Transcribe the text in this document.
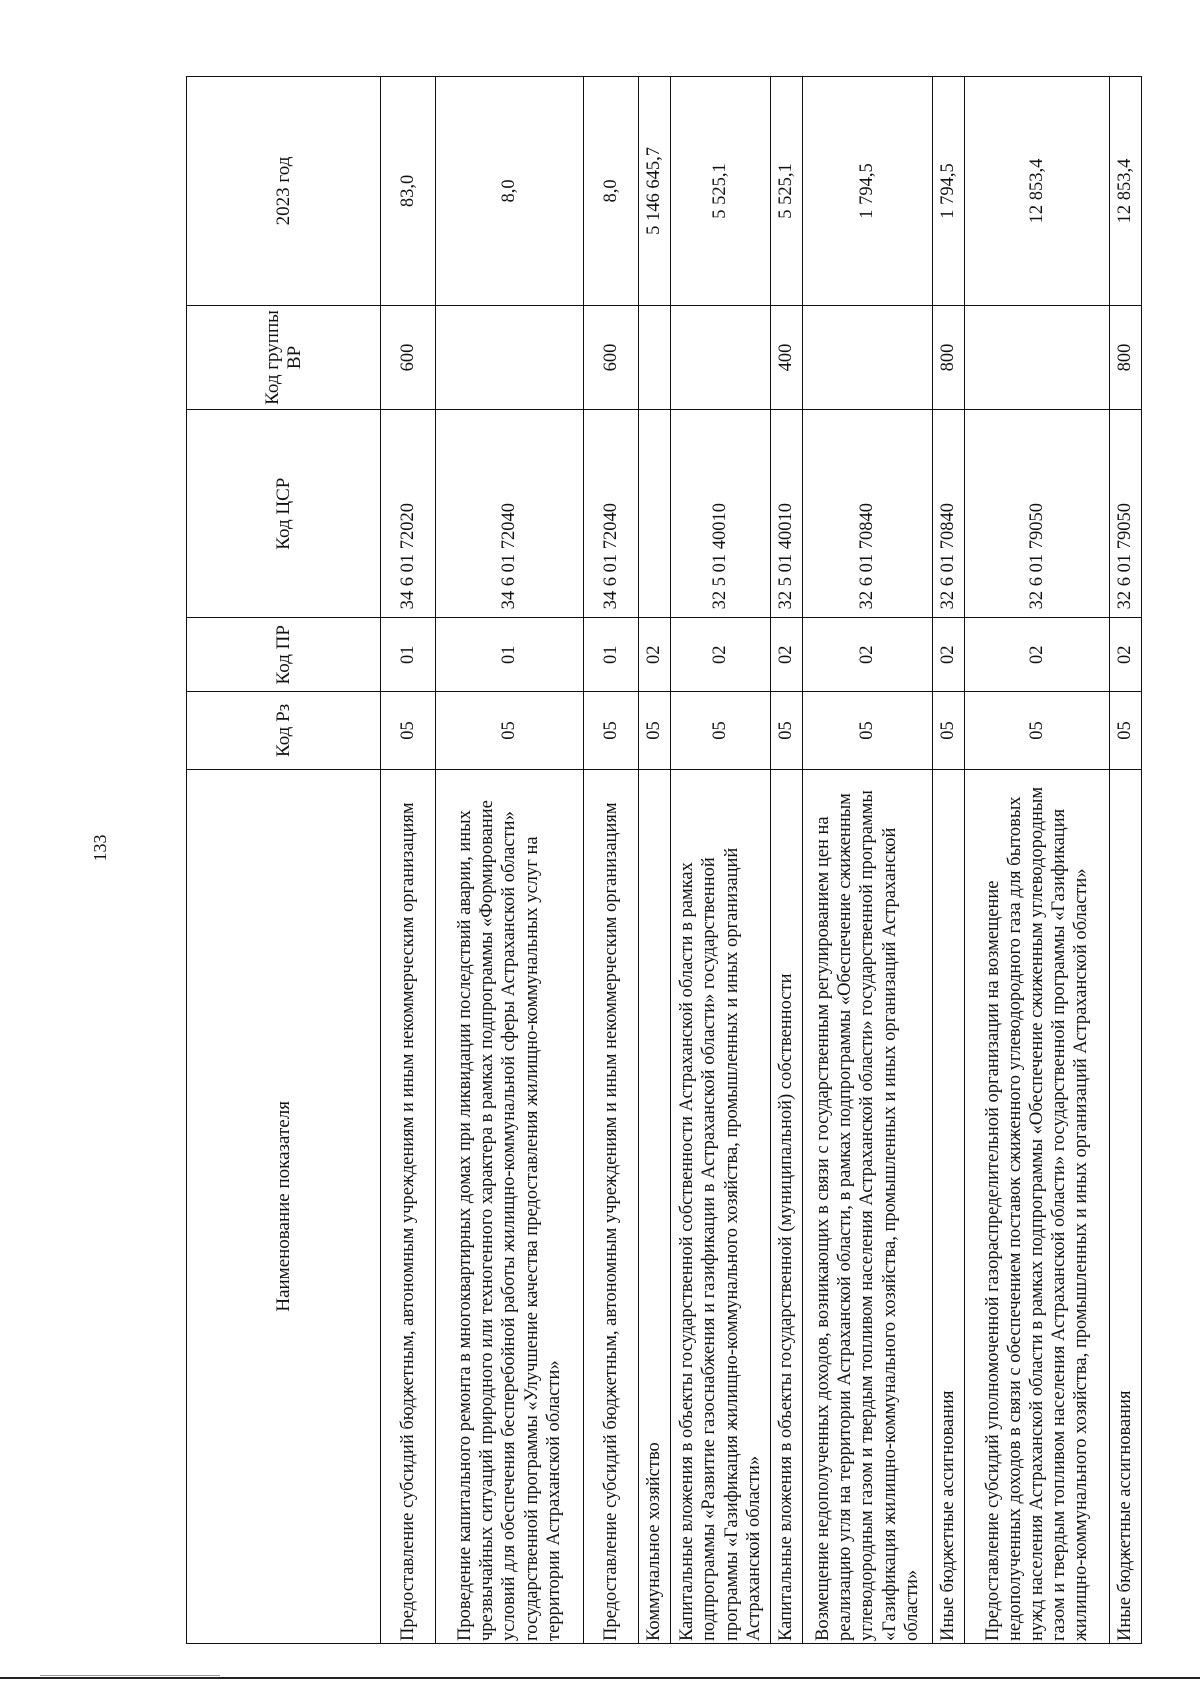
133
Наименование показателя	Код Рз	Код ПР	Код ЦСР	Код группы ВР	2023 год
Предоставление субсидий бюджетным, автономным учреждениям и иным некоммерческим организациям	05	01	34 6 01 72020	600	83,0
Проведение капитального ремонта в многоквартирных домах при ликвидации последствий аварии, иных чрезвычайных ситуаций природного или техногенного характера в рамках подпрограммы «Формирование условий для обеспечения бесперебойной работы жилищно-коммунальной сферы Астраханской области» государственной программы «Улучшение качества предоставления жилищно-коммунальных услуг на территории Астраханской области»	05	01	34 6 01 72040		8,0
Предоставление субсидий бюджетным, автономным учреждениям и иным некоммерческим организациям	05	01	34 6 01 72040	600	8,0
Коммунальное хозяйство	05	02			5 146 645,7
Капитальные вложения в объекты государственной собственности Астраханской области в рамках подпрограммы «Развитие газоснабжения и газификации в Астраханской области» государственной программы «Газификация жилищно-коммунального хозяйства, промышленных и иных организаций Астраханской области»	05	02	32 5 01 40010		5 525,1
Капитальные вложения в объекты государственной (муниципальной) собственности	05	02	32 5 01 40010	400	5 525,1
Возмещение недополученных доходов, возникающих в связи с государственным регулированием цен на реализацию угля на территории Астраханской области, в рамках подпрограммы «Обеспечение сжиженным углеводородным газом и твердым топливом населения Астраханской области» государственной программы «Газификация жилищно-коммунального хозяйства, промышленных и иных организаций Астраханской области»	05	02	32 6 01 70840		1 794,5
Иные бюджетные ассигнования	05	02	32 6 01 70840	800	1 794,5
Предоставление субсидий уполномоченной газораспределительной организации на возмещение недополученных доходов в связи с обеспечением поставок сжиженного углеводородного газа для бытовых нужд населения Астраханской области в рамках подпрограммы «Обеспечение сжиженным углеводородным газом и твердым топливом населения Астраханской области» государственной программы «Газификация жилищно-коммунального хозяйства, промышленных и иных организаций Астраханской области»	05	02	32 6 01 79050		12 853,4
Иные бюджетные ассигнования	05	02	32 6 01 79050	800	12 853,4
